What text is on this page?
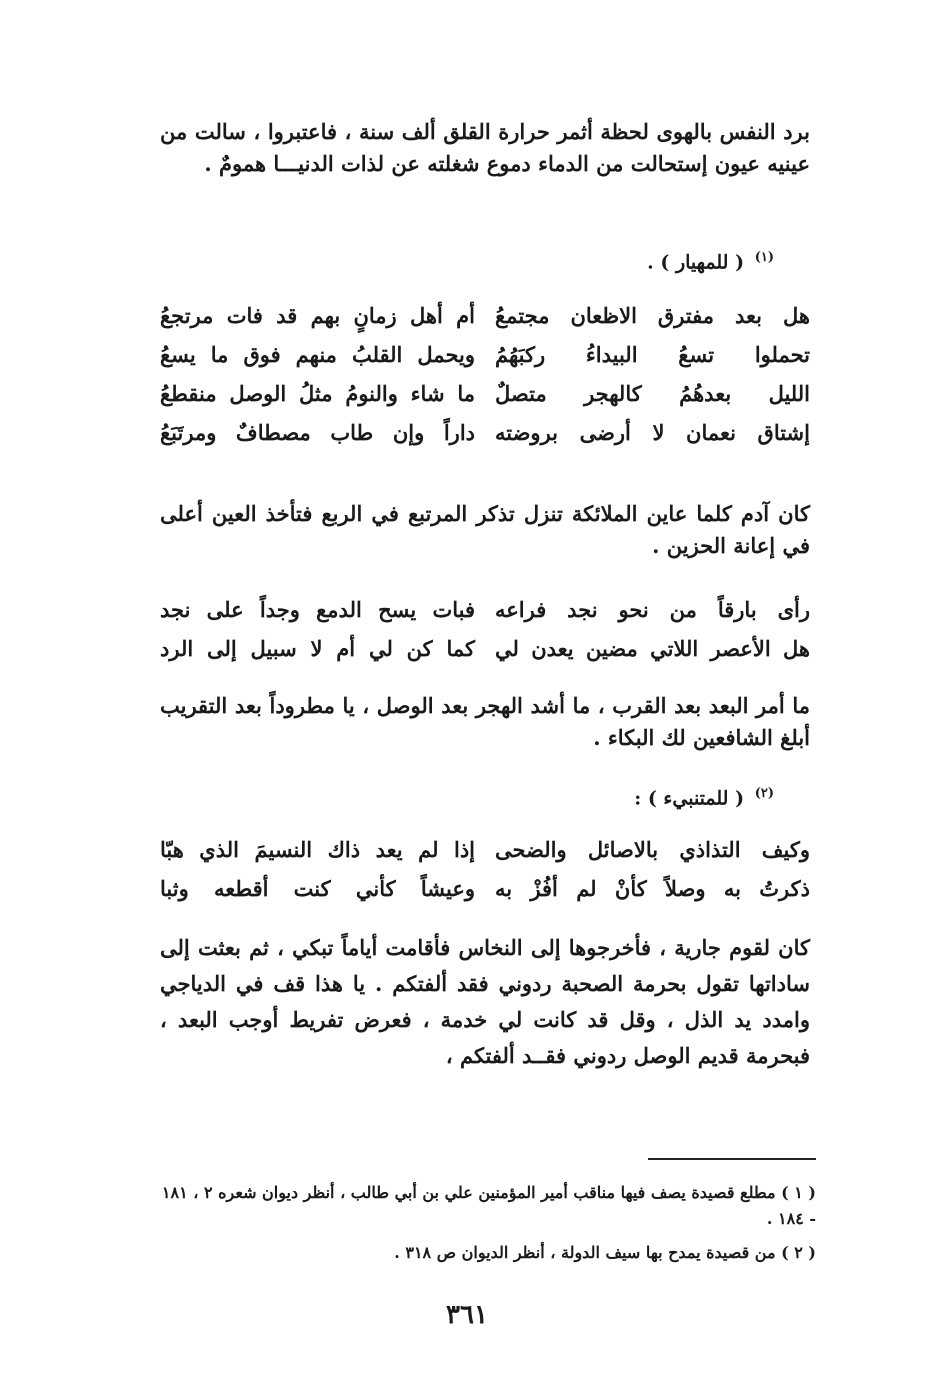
برد النفس بالهوى لحظة أثمر حرارة القلق ألف سنة ، فاعتبروا ، سالت من عينيه عيون إستحالت من الدماء دموع شغلته عن لذات الدنيـــا همومٌ .
$^{(١)}$ ( للمهيار ) .
هل بعد مفترق الاظعان مجتمعُ
أم أهل زمانٍ بهم قد فات مرتجعُ
تحملوا تسعُ البيداءُ ركبَهُمُ
ويحمل القلبُ منهم فوق ما يسعُ
الليل بعدهُمُ كالهجر متصلٌ
ما شاء والنومُ مثلُ الوصل منقطعُ
إشتاق نعمان لا أرضى بروضته
داراً وإن طاب مصطافٌ ومرتَبَعُ
كان آدم كلما عاين الملائكة تنزل تذكر المرتبع في الربع فتأخذ العين أعلى في إعانة الحزين .
رأى بارقاً من نحو نجد فراعه
فبات يسح الدمع وجداً على نجد
هل الأعصر اللاتي مضين يعدن لي
كما كن لي أم لا سبيل إلى الرد
ما أمر البعد بعد القرب ، ما أشد الهجر بعد الوصل ، يا مطروداً بعد التقريب أبلغ الشافعين لك البكاء .
$^{(٢)}$ ( للمتنبيء ) :
وكيف التذاذي بالاصائل والضحى
إذا لم يعد ذاك النسيمَ الذي هبّا
ذكرتُ به وصلاً كأنْ لم أفُزْ به
وعيشاً كأني كنت أقطعه وثبا
كان لقوم جارية ، فأخرجوها إلى النخاس فأقامت أياماً تبكي ، ثم بعثت إلى ساداتها تقول بحرمة الصحبة ردوني فقد ألفتكم . يا هذا قف في الدياجي وامدد يد الذل ، وقل قد كانت لي خدمة ، فعرض تفريط أوجب البعد ، فبحرمة قديم الوصل ردوني فقــد ألفتكم ،
( ١ ) مطلع قصيدة يصف فيها مناقب أمير المؤمنين علي بن أبي طالب ، أنظر ديوان شعره ٢ ، ١٨١ - ١٨٤ .
( ٢ ) من قصيدة يمدح بها سيف الدولة ، أنظر الديوان ص ٣١٨ .
٣٦١
